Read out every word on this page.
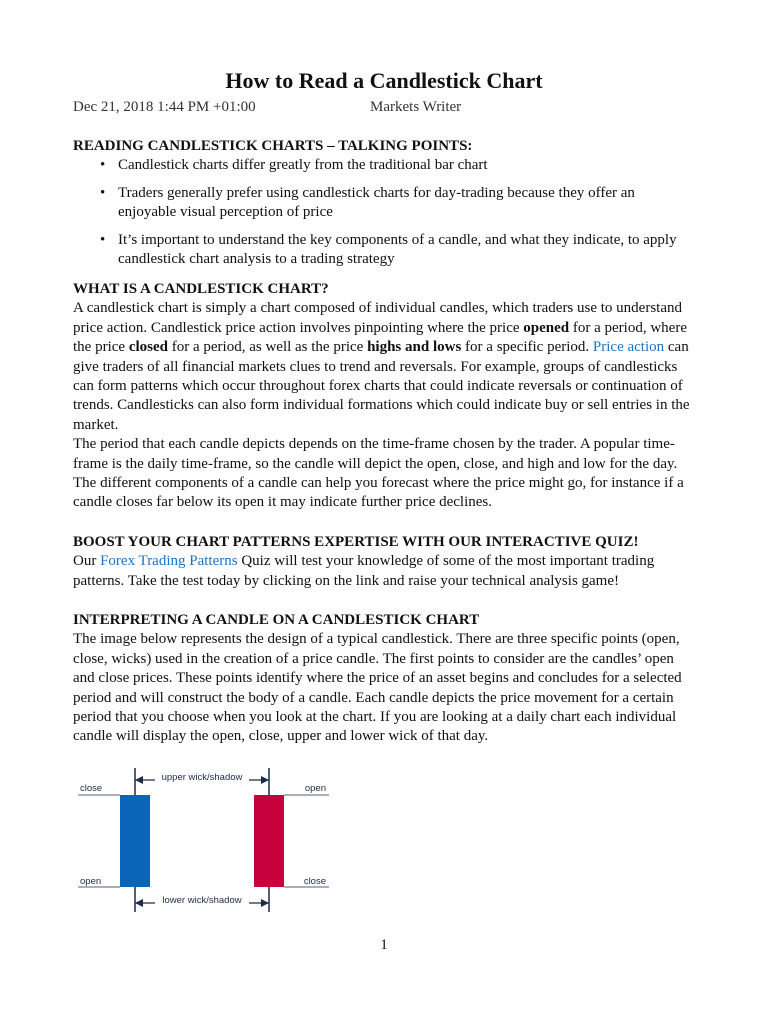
How to Read a Candlestick Chart
Dec 21, 2018 1:44 PM +01:00	Markets Writer
READING CANDLESTICK CHARTS – TALKING POINTS:
• Candlestick charts differ greatly from the traditional bar chart
• Traders generally prefer using candlestick charts for day-trading because they offer an enjoyable visual perception of price
• It’s important to understand the key components of a candle, and what they indicate, to apply candlestick chart analysis to a trading strategy
WHAT IS A CANDLESTICK CHART?

A candlestick chart is simply a chart composed of individual candles, which traders use to understand price action. Candlestick price action involves pinpointing where the price opened for a period, where the price closed for a period, as well as the price highs and lows for a specific period. Price action can give traders of all financial markets clues to trend and reversals. For example, groups of candlesticks can form patterns which occur throughout forex charts that could indicate reversals or continuation of trends. Candlesticks can also form individual formations which could indicate buy or sell entries in the market.

The period that each candle depicts depends on the time-frame chosen by the trader. A popular time-frame is the daily time-frame, so the candle will depict the open, close, and high and low for the day. The different components of a candle can help you forecast where the price might go, for instance if a candle closes far below its open it may indicate further price declines.

BOOST YOUR CHART PATTERNS EXPERTISE WITH OUR INTERACTIVE QUIZ!

Our Forex Trading Patterns Quiz will test your knowledge of some of the most important trading patterns. Take the test today by clicking on the link and raise your technical analysis game!

INTERPRETING A CANDLE ON A CANDLESTICK CHART

The image below represents the design of a typical candlestick. There are three specific points (open, close, wicks) used in the creation of a price candle. The first points to consider are the candles’ open and close prices. These points identify where the price of an asset begins and concludes for a selected period and will construct the body of a candle. Each candle depicts the price movement for a certain period that you choose when you look at the chart. If you are looking at a daily chart each individual candle will display the open, close, upper and lower wick of that day.

upper wick/shadow
lower wick/shadow
close
open
open
close
1
